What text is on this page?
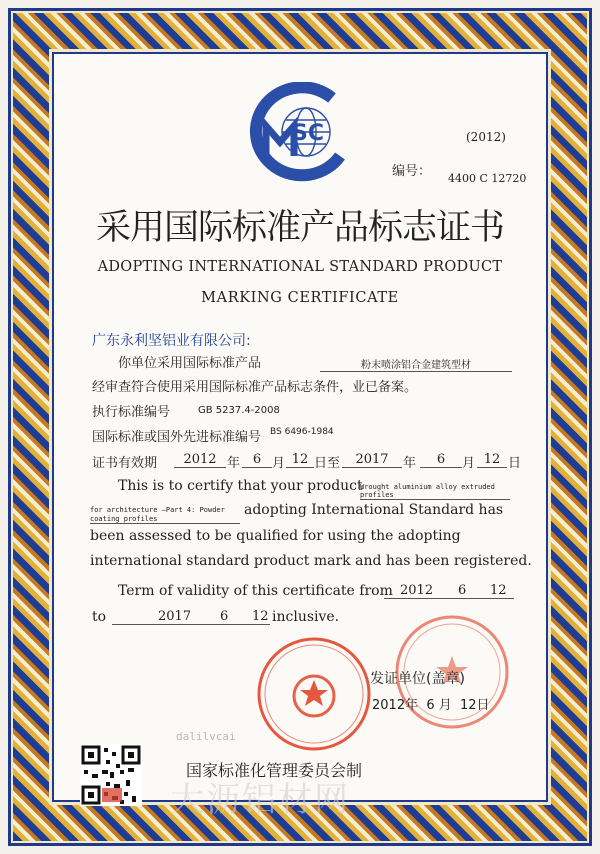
SC	(2012)
编号： 4400 C 12720
采用国际标准产品标志证书
ADOPTING INTERNATIONAL STANDARD PRODUCT
MARKING CERTIFICATE
广东永利坚铝业有限公司:
你单位采用国际标准产品	粉末喷涂铝合金建筑型材
经审查符合使用采用国际标准产品标志条件，业已备案。
执行标准编号	GB 5237.4-2008
国际标准或国外先进标准编号 BS 6496-1984
证书有效期	2012 年 6 月 12 日至	2017	年	6	月 12 日
This is to certify that your product
Wrought aluminium alloy extruded profiles
for architecture —Part 4: Powder
coating profiles
adopting International Standard has
been assessed to be qualified for using the adopting
international standard product mark and has been registered.
Term of validity of this certificate from 2012 6 12

to	2017 6 12
inclusive.
发证单位(盖章)
2012年  6 月  12日
dalilvcai
国家标准化管理委员会制
大沥铝材网
